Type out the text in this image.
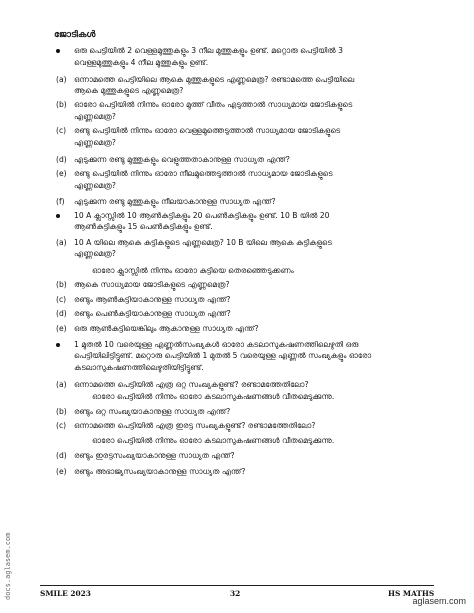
ജോടികൾ
ഒരു പെട്ടിയിൽ 2 വെള്ളമുത്തുകളും 3 നീല മുത്തുകളും ഉണ്ട്. മറ്റൊരു പെട്ടിയിൽ 3
വെള്ളമുത്തുകളും 4 നീല മുത്തുകളും ഉണ്ട്.
(a) ഒന്നാമത്തെ പെട്ടിയിലെ ആകെ മുത്തുകളുടെ എണ്ണമെത്ര? രണ്ടാമത്തെ പെട്ടിയിലെ
ആകെ മുത്തുകളുടെ എണ്ണമെത്ര?
(b) ഓരോ പെട്ടിയിൽ നിന്നും ഓരോ മുത്ത് വീതം എടുത്താൽ സാധ്യമായ ജോടികളുടെ
എണ്ണമെത്ര?
(c) രണ്ടു പെട്ടിയിൽ നിന്നും ഓരോ വെള്ളമുത്തെടുത്താൽ സാധ്യമായ ജോടികളുടെ
എണ്ണമെത്ര?
(d) എടുക്കുന്ന രണ്ടു മുത്തുകളും വെളുത്തതാകാനുള്ള സാധ്യത എന്ത്?
(e) രണ്ടു പെട്ടിയിൽ നിന്നും ഓരോ നീലമുത്തെടുത്താൽ സാധ്യമായ ജോടികളുടെ
എണ്ണമെത്ര?
(f) എടുക്കുന്ന രണ്ടു മുത്തുകളും നീലയാകാനുള്ള സാധ്യത എന്ത്?
10 A ക്ലാസ്സിൽ 10 ആൺകുട്ടികളും 20 പെൺകുട്ടികളും ഉണ്ട്. 10 B യിൽ 20
ആൺകുട്ടികളും 15 പെൺകുട്ടികളും ഉണ്ട്.
(a) 10 A യിലെ ആകെ കുട്ടികളുടെ എണ്ണമെത്ര? 10 B യിലെ ആകെ കുട്ടികളുടെ
എണ്ണമെത്ര?
ഓരോ ക്ലാസ്സിൽ നിന്നും ഓരോ കുട്ടിയെ തെരഞ്ഞെടുക്കണം
(b) ആകെ സാധ്യമായ ജോടികളുടെ എണ്ണമെത്ര?
(c) രണ്ടും ആൺകുട്ടിയാകാനുള്ള സാധ്യത എന്ത്?
(d) രണ്ടും പെൺകുട്ടിയാകാനുള്ള സാധ്യത എന്ത്?
(e) ഒരു ആൺകുട്ടിയെങ്കിലും ആകാനുള്ള സാധ്യത എന്ത്?
1 മുതൽ 10 വരെയുള്ള എണ്ണൽസംഖ്യകൾ ഓരോ കടലാസുകഷണത്തിലെഴുതി ഒരു
പെട്ടിയിലിട്ടിട്ടുണ്ട്. മറ്റൊരു പെട്ടിയിൽ 1 മുതൽ 5 വരെയുള്ള എണ്ണൽ സംഖ്യകളും ഓരോ
കടലാസുകഷണത്തിലെഴുതിയിട്ടിട്ടുണ്ട്.
(a) ഒന്നാമത്തെ പെട്ടിയിൽ എത്ര ഒറ്റ സംഖ്യകളുണ്ട്? രണ്ടാമത്തേതിലോ?
ഓരോ പെട്ടിയിൽ നിന്നും ഓരോ കടലാസുകഷണങ്ങൾ വീതമെടുക്കുന്നു.
(b) രണ്ടും ഒറ്റ സംഖ്യയാകാനുള്ള സാധ്യത എന്ത്?
(c) ഒന്നാമത്തെ പെട്ടിയിൽ എത്ര ഇരട്ട സംഖ്യകളുണ്ട്? രണ്ടാമത്തേതിലോ?
ഓരോ പെട്ടിയിൽ നിന്നും ഓരോ കടലാസുകഷണങ്ങൾ വീതമെടുക്കുന്നു.
(d) രണ്ടും ഇരട്ടസംഖ്യയാകാനുള്ള സാധ്യത എന്ത്?
(e) രണ്ടും അഭാജ്യസംഖ്യയാകാനുള്ള സാധ്യത എന്ത്?
SMILE 2023	32	HS MATHS
docs.aglasem.com
aglasem.com
